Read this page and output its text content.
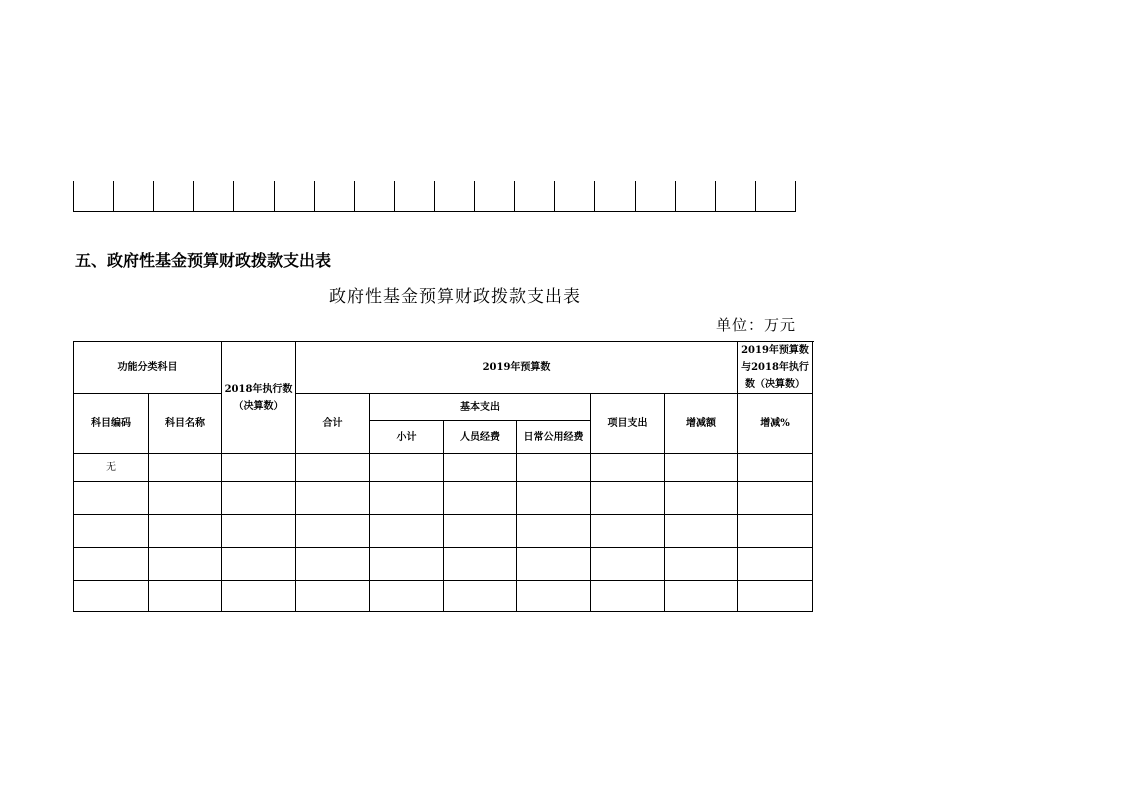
五、政府性基金预算财政拨款支出表
政府性基金预算财政拨款支出表
单位：万元
功能分类科目		2018年执行数（决算数）	2019年预算数						2019年预算数与2018年执行数（决算数）
科目编码	科目名称		合计	基本支出			项目支出	增减额	增减%
				小计	人员经费	日常公用经费			
无									
